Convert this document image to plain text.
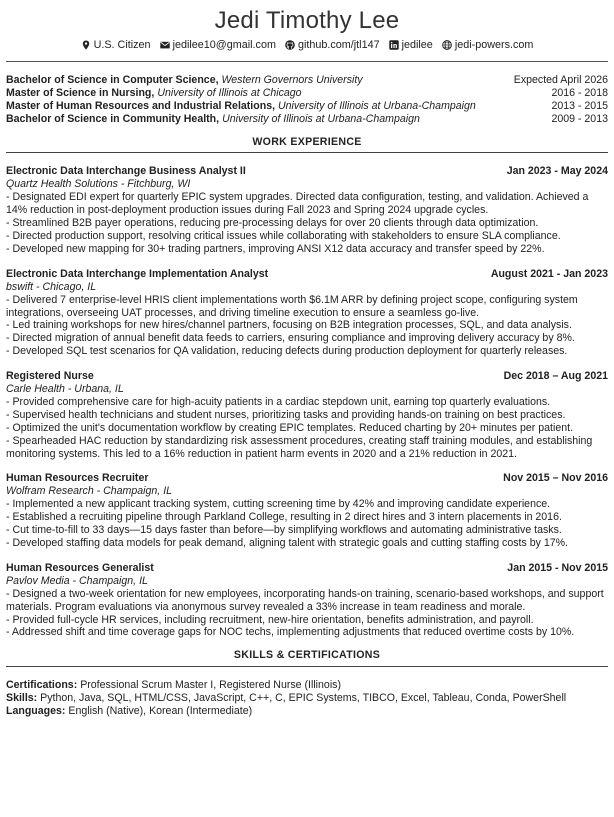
Jedi Timothy Lee
U.S. Citizen jedilee10@gmail.com github.com/jtl147 jedilee jedi-powers.com
Bachelor of Science in Computer Science, Western Governors University	Expected April 2026
Master of Science in Nursing, University of Illinois at Chicago	2016 - 2018
Master of Human Resources and Industrial Relations, University of Illinois at Urbana-Champaign	2013 - 2015
Bachelor of Science in Community Health, University of Illinois at Urbana-Champaign	2009 - 2013
WORK EXPERIENCE
Electronic Data Interchange Business Analyst II	Jan 2023 - May 2024
Quartz Health Solutions - Fitchburg, WI

- Designated EDI expert for quarterly EPIC system upgrades. Directed data configuration, testing, and validation. Achieved a 14% reduction in post-deployment production issues during Fall 2023 and Spring 2024 upgrade cycles.

- Streamlined B2B payer operations, reducing pre-processing delays for over 20 clients through data optimization.

- Directed production support, resolving critical issues while collaborating with stakeholders to ensure SLA compliance.

- Developed new mapping for 30+ trading partners, improving ANSI X12 data accuracy and transfer speed by 22%.

Electronic Data Interchange Implementation Analyst	August 2021 - Jan 2023
bswift - Chicago, IL

- Delivered 7 enterprise-level HRIS client implementations worth $6.1M ARR by defining project scope, configuring system integrations, overseeing UAT processes, and driving timeline execution to ensure a seamless go-live.

- Led training workshops for new hires/channel partners, focusing on B2B integration processes, SQL, and data analysis.

- Directed migration of annual benefit data feeds to carriers, ensuring compliance and improving delivery accuracy by 8%.

- Developed SQL test scenarios for QA validation, reducing defects during production deployment for quarterly releases.

Registered Nurse	Dec 2018 – Aug 2021
Carle Health - Urbana, IL

- Provided comprehensive care for high-acuity patients in a cardiac stepdown unit, earning top quarterly evaluations.

- Supervised health technicians and student nurses, prioritizing tasks and providing hands-on training on best practices.

- Optimized the unit's documentation workflow by creating EPIC templates. Reduced charting by 20+ minutes per patient.

- Spearheaded HAC reduction by standardizing risk assessment procedures, creating staff training modules, and establishing monitoring systems. This led to a 16% reduction in patient harm events in 2020 and a 21% reduction in 2021.

Human Resources Recruiter	Nov 2015 – Nov 2016
Wolfram Research - Champaign, IL

- Implemented a new applicant tracking system, cutting screening time by 42% and improving candidate experience.

- Established a recruiting pipeline through Parkland College, resulting in 2 direct hires and 3 intern placements in 2016.

- Cut time-to-fill to 33 days—15 days faster than before—by simplifying workflows and automating administrative tasks.

- Developed staffing data models for peak demand, aligning talent with strategic goals and cutting staffing costs by 17%.

Human Resources Generalist	Jan 2015 - Nov 2015
Pavlov Media - Champaign, IL

- Designed a two-week orientation for new employees, incorporating hands-on training, scenario-based workshops, and support materials. Program evaluations via anonymous survey revealed a 33% increase in team readiness and morale.

- Provided full-cycle HR services, including recruitment, new-hire orientation, benefits administration, and payroll.

- Addressed shift and time coverage gaps for NOC techs, implementing adjustments that reduced overtime costs by 10%.

SKILLS & CERTIFICATIONS
Certifications: Professional Scrum Master I, Registered Nurse (Illinois)
Skills: Python, Java, SQL, HTML/CSS, JavaScript, C++, C, EPIC Systems, TIBCO, Excel, Tableau, Conda, PowerShell
Languages: English (Native), Korean (Intermediate)
